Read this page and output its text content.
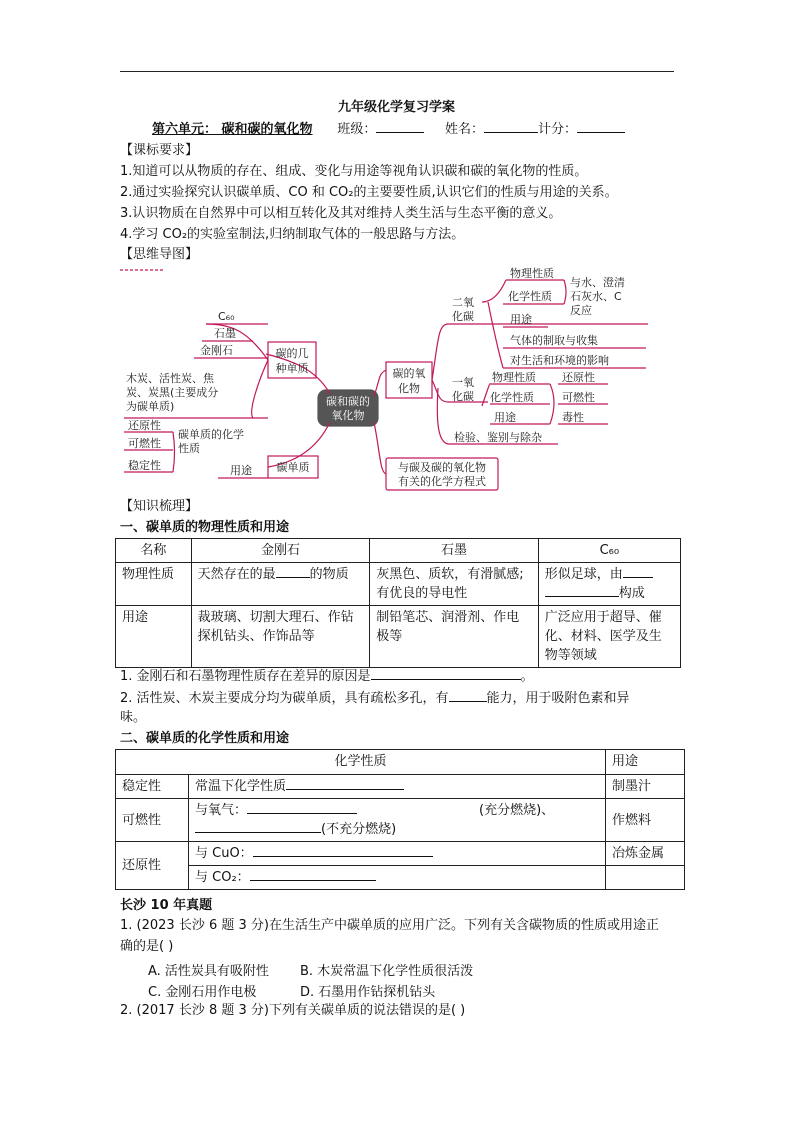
九年级化学复习学案
第六单元： 碳和碳的氧化物 班级：	姓名：	计分：
【课标要求】
1.知道可以从物质的存在、组成、变化与用途等视角认识碳和碳的氧化物的性质。
2.通过实验探究认识碳单质、CO 和 CO₂的主要要性质,认识它们的性质与用途的关系。
3.认识物质在自然界中可以相互转化及其对维持人类生活与生态平衡的意义。
4.学习 CO₂的实验室制法,归纳制取气体的一般思路与方法。
【思维导图】
碳和碳的
氧化物
碳的几
种单质
C₆₀
石墨
金刚石
木炭、活性炭、焦
炭、炭黑(主要成分
为碳单质)
碳单质
还原性
可燃性
稳定性
碳单质的化学
性质
用途
碳的氧
化物
二氧
化碳
物理性质
化学性质
用途
气体的制取与收集
对生活和环境的影响
与水、澄清
石灰水、C
反应
一氧
化碳
物理性质
化学性质
用途
还原性
可燃性
毒性
检验、鉴别与除杂
与碳及碳的氧化物
有关的化学方程式
【知识梳理】
一、碳单质的物理性质和用途
名称	金刚石	石墨	C₆₀
物理性质	天然存在的最 的物质	灰黑色、质软，有滑腻感;有优良的导电性	形似足球，由
构成
用途	裁玻璃、切割大理石、作钻探机钻头、作饰品等	制铅笔芯、润滑剂、作电极等	广泛应用于超导、催化、材料、医学及生物等领域
1. 金刚石和石墨物理性质存在差异的原因是	。
2. 活性炭、木炭主要成分均为碳单质，具有疏松多孔，有	能力，用于吸附色素和异
味。
二、碳单质的化学性质和用途
化学性质		用途
稳定性	常温下化学性质	制墨汁
可燃性	与氧气： (充分燃烧)、
(不充分燃烧)	作燃料
还原性	与 CuO：	冶炼金属
	与 CO₂：	
长沙 10 年真题
1. (2023 长沙 6 题 3 分)在生活生产中碳单质的应用广泛。下列有关含碳物质的性质或用途正
确的是( )
A. 活性炭具有吸附性 B. 木炭常温下化学性质很活泼
C. 金刚石用作电极	D. 石墨用作钻探机钻头
2. (2017 长沙 8 题 3 分)下列有关碳单质的说法错误的是( )
